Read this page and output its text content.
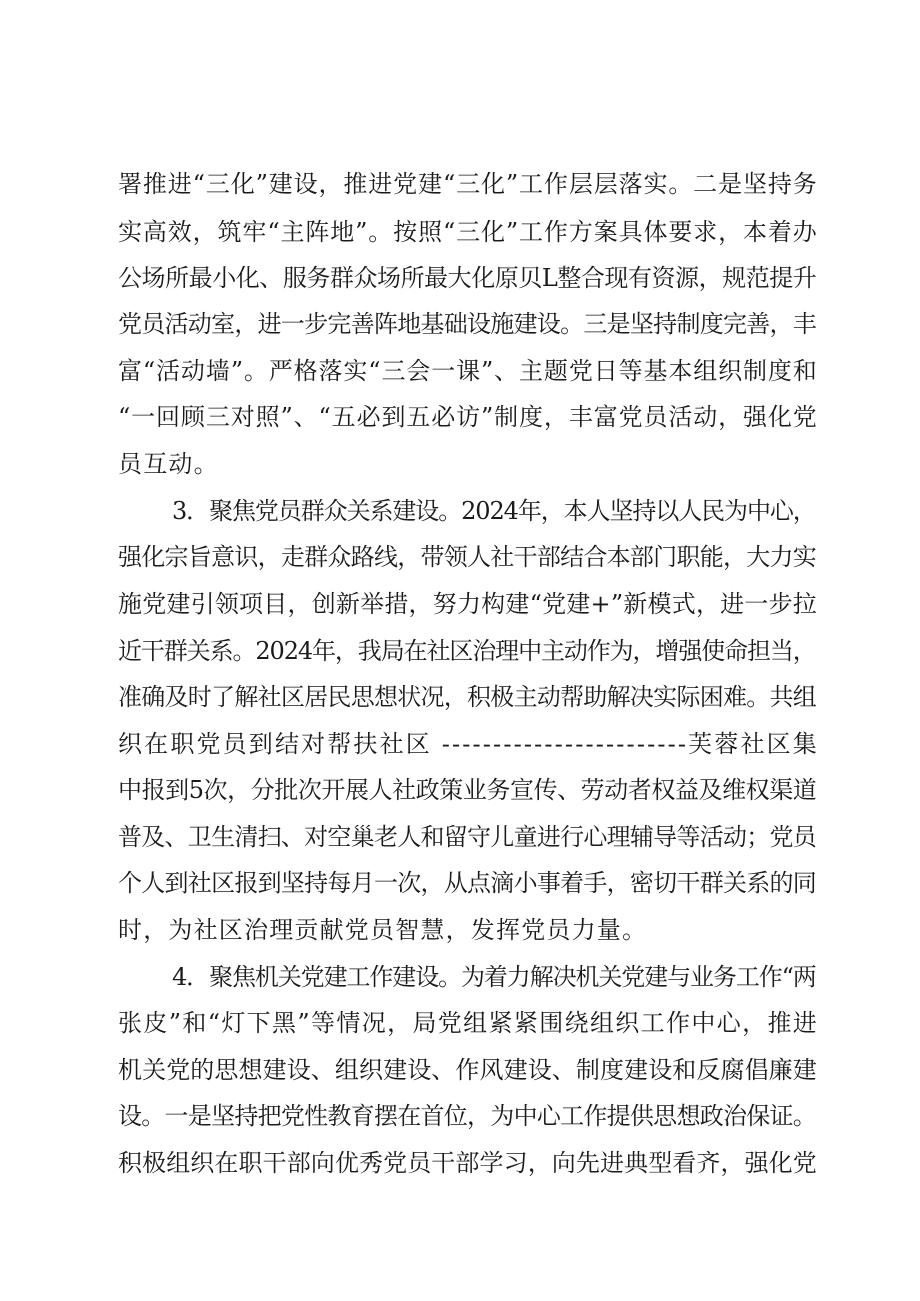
署推进“三化”建设，推进党建“三化”工作层层落实。二是坚持务
实高效，筑牢“主阵地”。按照“三化”工作方案具体要求，本着办
公场所最小化、服务群众场所最大化原贝L整合现有资源，规范提升
党员活动室，进一步完善阵地基础设施建设。三是坚持制度完善，丰
富“活动墙”。严格落实“三会一课”、主题党日等基本组织制度和
“一回顾三对照”、“五必到五必访”制度，丰富党员活动，强化党
员互动。
3．聚焦党员群众关系建设。2024年，本人坚持以人民为中心，
强化宗旨意识，走群众路线，带领人社干部结合本部门职能，大力实
施党建引领项目，创新举措，努力构建“党建+”新模式，进一步拉
近干群关系。2024年，我局在社区治理中主动作为，增强使命担当，
准确及时了解社区居民思想状况，积极主动帮助解决实际困难。共组
织在职党员到结对帮扶社区 ------------------------芙蓉社区集
中报到5次，分批次开展人社政策业务宣传、劳动者权益及维权渠道
普及、卫生清扫、对空巢老人和留守儿童进行心理辅导等活动；党员
个人到社区报到坚持每月一次，从点滴小事着手，密切干群关系的同
时，为社区治理贡献党员智慧，发挥党员力量。
4．聚焦机关党建工作建设。为着力解决机关党建与业务工作“两
张皮”和“灯下黑”等情况，局党组紧紧围绕组织工作中心，推进
机关党的思想建设、组织建设、作风建设、制度建设和反腐倡廉建
设。一是坚持把党性教育摆在首位，为中心工作提供思想政治保证。
积极组织在职干部向优秀党员干部学习，向先进典型看齐，强化党
